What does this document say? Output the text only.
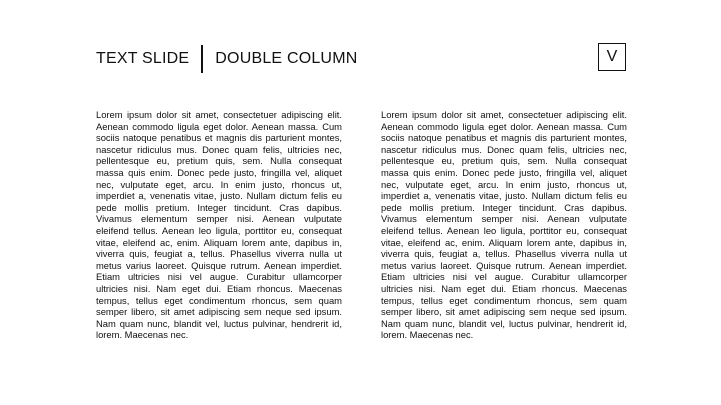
TEXT SLIDE DOUBLE COLUMN	V
Lorem ipsum dolor sit amet, consectetuer adipiscing elit. Aenean commodo ligula eget dolor. Aenean massa. Cum sociis natoque penatibus et magnis dis parturient montes, nascetur ridiculus mus. Donec quam felis, ultricies nec, pellentesque eu, pretium quis, sem. Nulla consequat massa quis enim. Donec pede justo, fringilla vel, aliquet nec, vulputate eget, arcu. In enim justo, rhoncus ut, imperdiet a, venenatis vitae, justo. Nullam dictum felis eu pede mollis pretium. Integer tincidunt. Cras dapibus. Vivamus elementum semper nisi. Aenean vulputate eleifend tellus. Aenean leo ligula, porttitor eu, consequat vitae, eleifend ac, enim. Aliquam lorem ante, dapibus in, viverra quis, feugiat a, tellus. Phasellus viverra nulla ut metus varius laoreet. Quisque rutrum. Aenean imperdiet. Etiam ultricies nisi vel augue. Curabitur ullamcorper ultricies nisi. Nam eget dui. Etiam rhoncus. Maecenas tempus, tellus eget condimentum rhoncus, sem quam semper libero, sit amet adipiscing sem neque sed ipsum. Nam quam nunc, blandit vel, luctus pulvinar, hendrerit id, lorem. Maecenas nec.
Lorem ipsum dolor sit amet, consectetuer adipiscing elit. Aenean commodo ligula eget dolor. Aenean massa. Cum sociis natoque penatibus et magnis dis parturient montes, nascetur ridiculus mus. Donec quam felis, ultricies nec, pellentesque eu, pretium quis, sem. Nulla consequat massa quis enim. Donec pede justo, fringilla vel, aliquet nec, vulputate eget, arcu. In enim justo, rhoncus ut, imperdiet a, venenatis vitae, justo. Nullam dictum felis eu pede mollis pretium. Integer tincidunt. Cras dapibus. Vivamus elementum semper nisi. Aenean vulputate eleifend tellus. Aenean leo ligula, porttitor eu, consequat vitae, eleifend ac, enim. Aliquam lorem ante, dapibus in, viverra quis, feugiat a, tellus. Phasellus viverra nulla ut metus varius laoreet. Quisque rutrum. Aenean imperdiet. Etiam ultricies nisi vel augue. Curabitur ullamcorper ultricies nisi. Nam eget dui. Etiam rhoncus. Maecenas tempus, tellus eget condimentum rhoncus, sem quam semper libero, sit amet adipiscing sem neque sed ipsum. Nam quam nunc, blandit vel, luctus pulvinar, hendrerit id, lorem. Maecenas nec.
